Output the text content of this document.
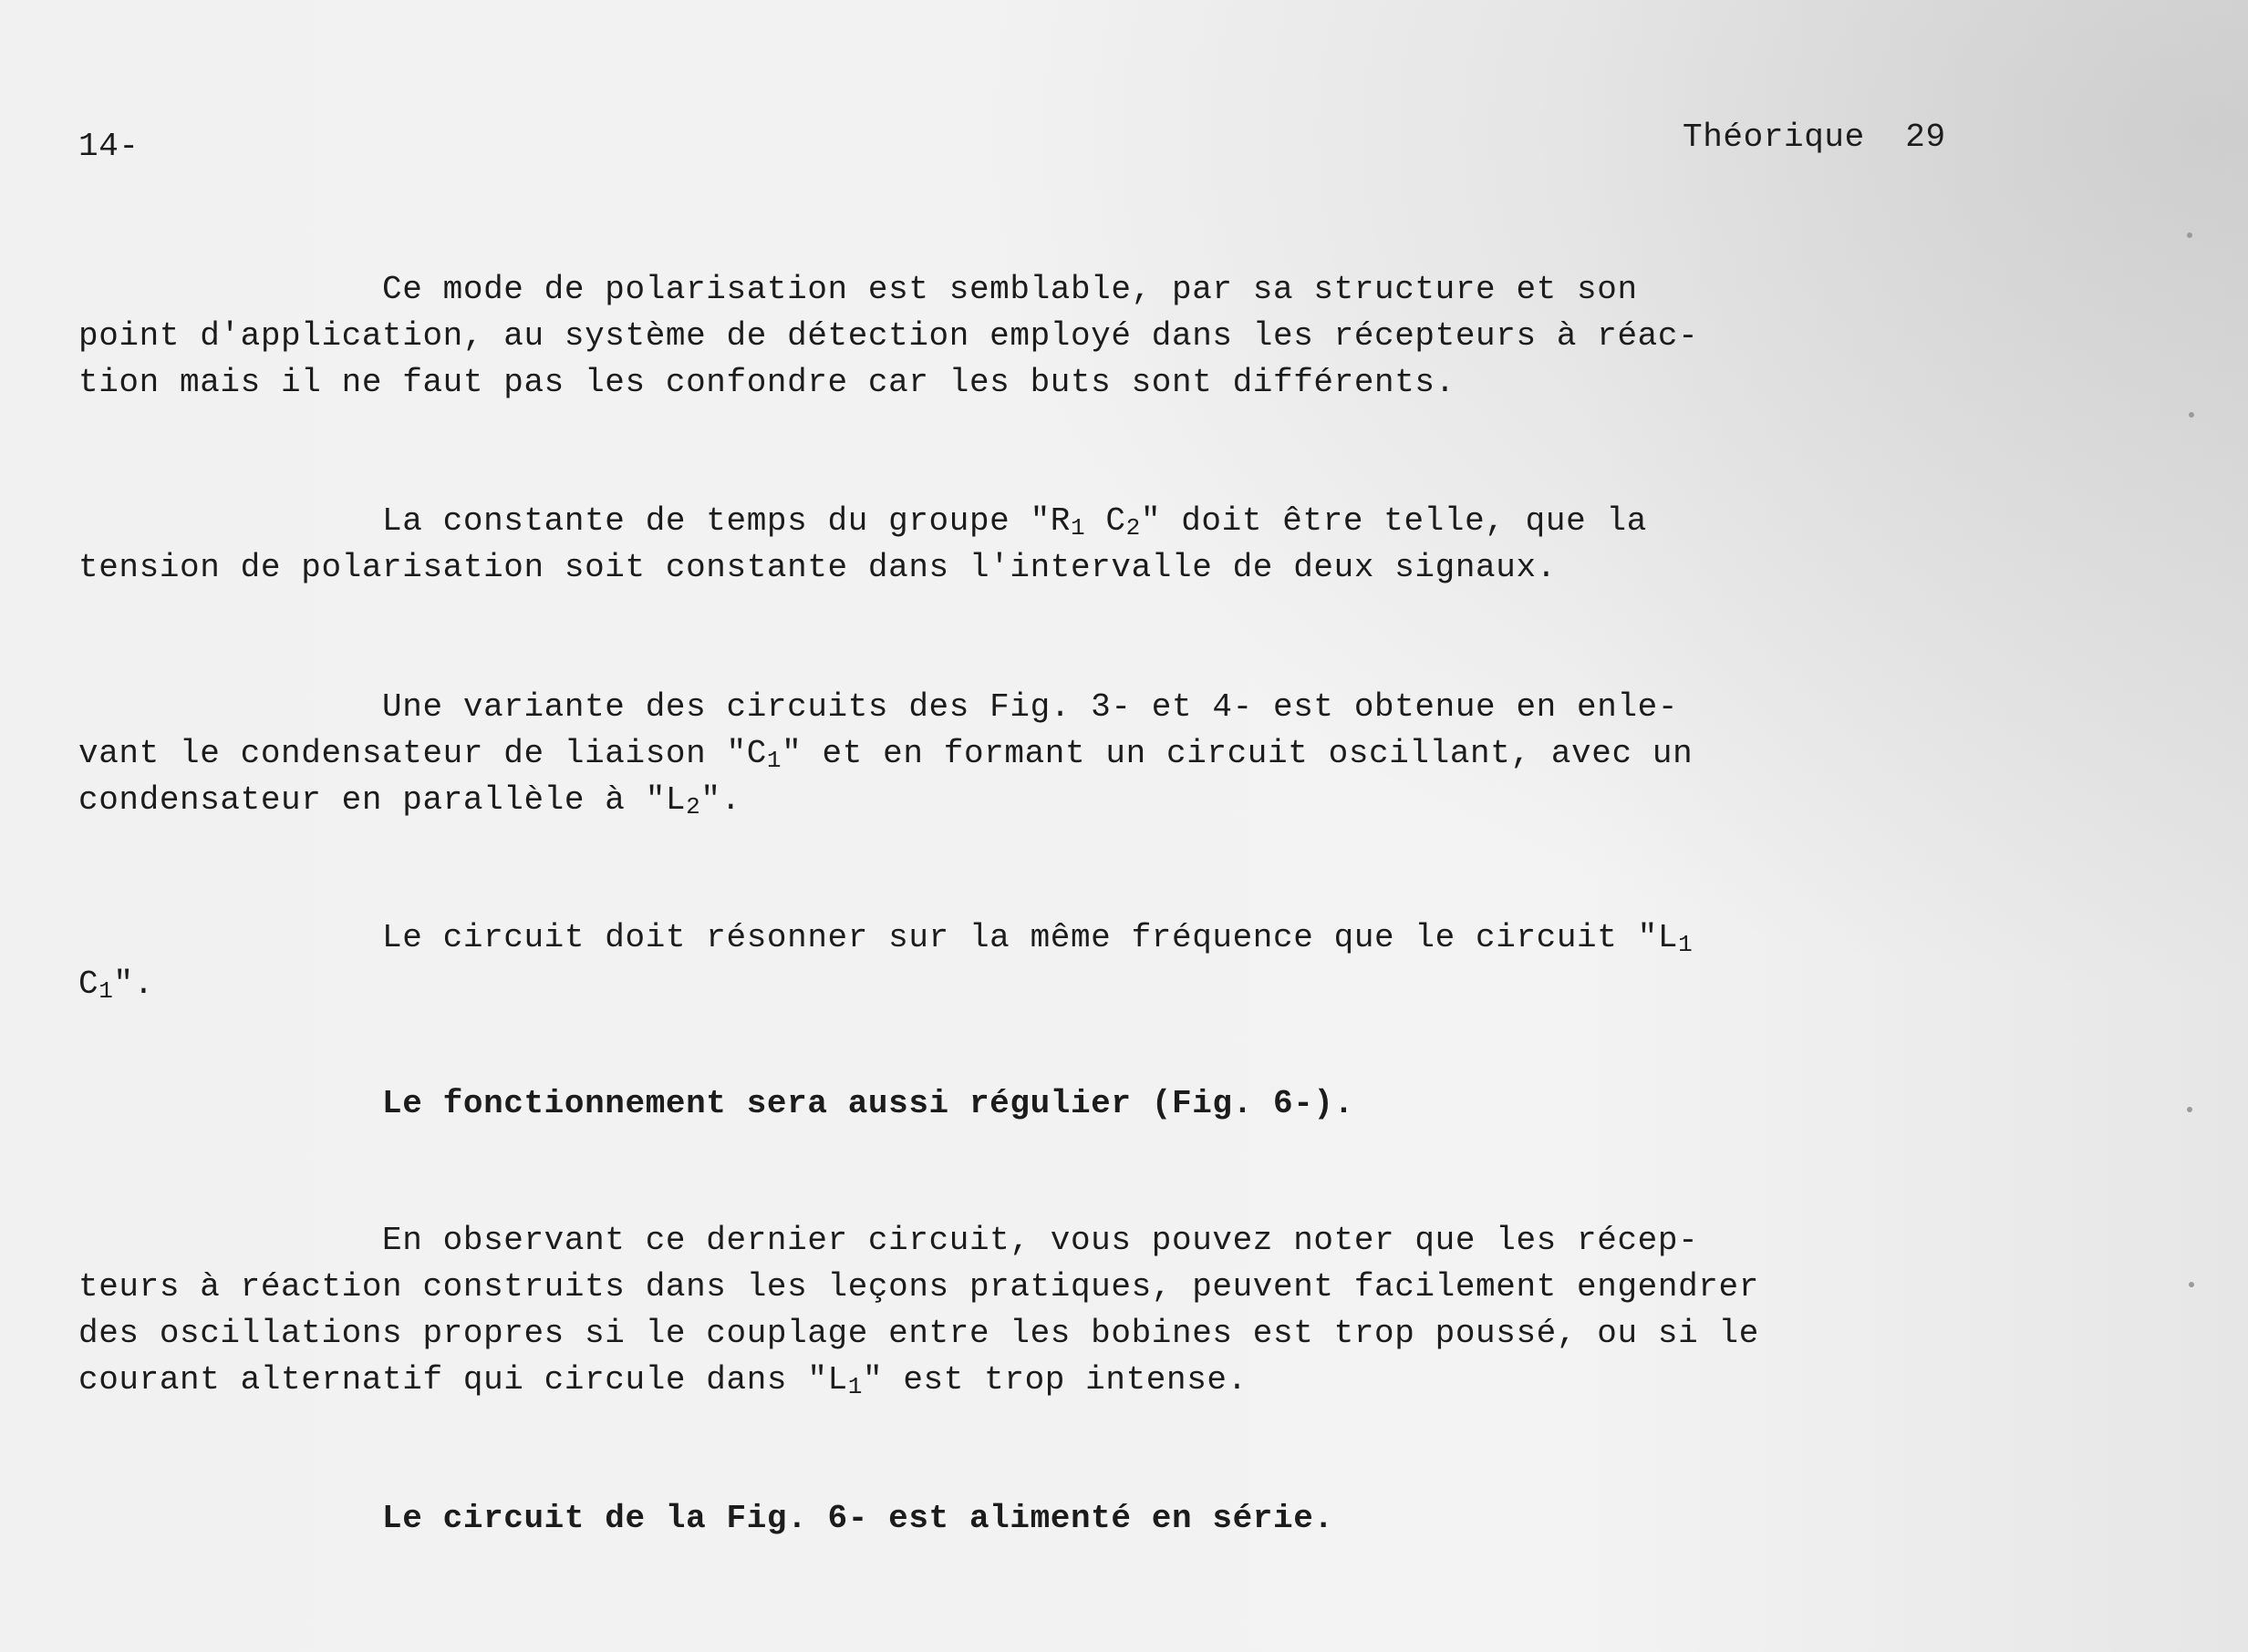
14-	Théorique 29
Ce mode de polarisation est semblable, par sa structure et son
point d'application, au système de détection employé dans les récepteurs à réac-
tion mais il ne faut pas les confondre car les buts sont différents.
La constante de temps du groupe "$R_1$ $C_2$" doit être telle, que la
tension de polarisation soit constante dans l'intervalle de deux signaux.
Une variante des circuits des Fig. 3- et 4- est obtenue en enle-
vant le condensateur de liaison "$C_1$" et en formant un circuit oscillant, avec un
condensateur en parallèle à "$L_2$".
Le circuit doit résonner sur la même fréquence que le circuit "$L_1$
$C_1$".
Le fonctionnement sera aussi régulier (Fig. 6-).
En observant ce dernier circuit, vous pouvez noter que les récep-
teurs à réaction construits dans les leçons pratiques, peuvent facilement engendrer
des oscillations propres si le couplage entre les bobines est trop poussé, ou si le
courant alternatif qui circule dans "$L_1$" est trop intense.
Le circuit de la Fig. 6- est alimenté en série.
